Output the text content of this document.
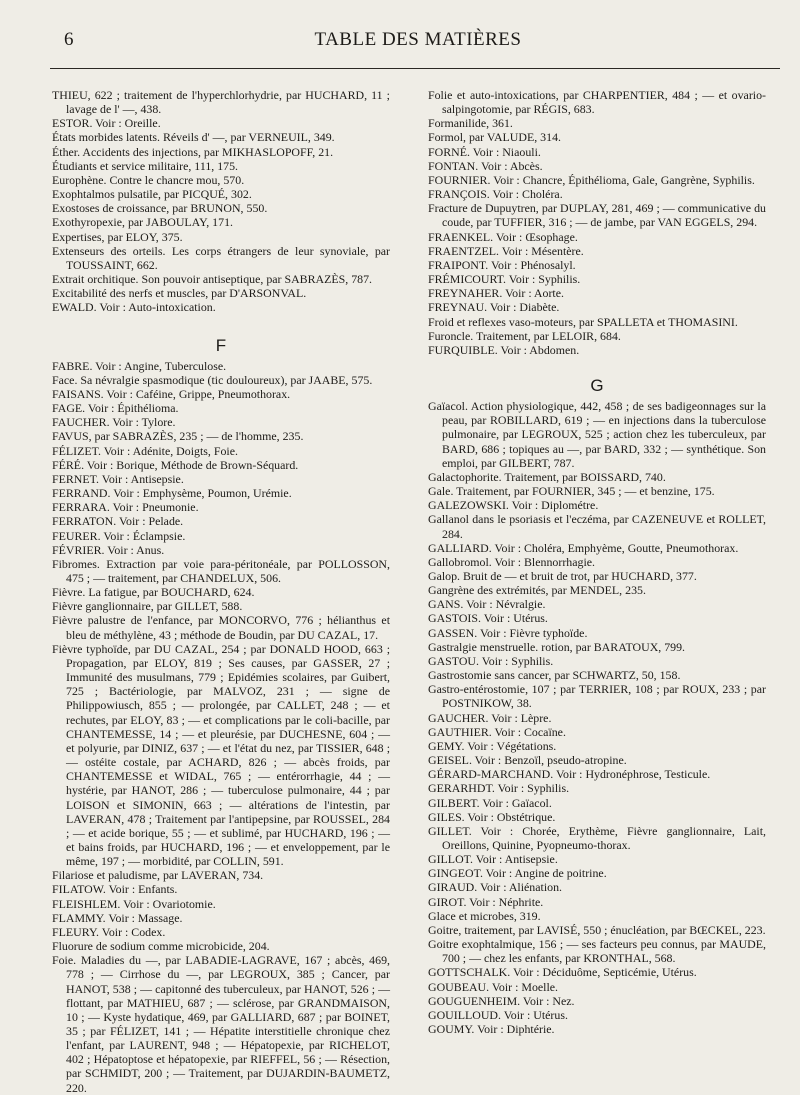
6	TABLE DES MATIÈRES
THIEU, 622 ; traitement de l'hyperchlorhydrie, par HUCHARD, 11 ; lavage de l' —, 438.
ESTOR. Voir : Oreille.
États morbides latents. Réveils d' —, par VERNEUIL, 349.
Éther. Accidents des injections, par MIKHASLOPOFF, 21.
Étudiants et service militaire, 111, 175.
Europhène. Contre le chancre mou, 570.
Exophtalmos pulsatile, par PICQUÉ, 302.
Exostoses de croissance, par BRUNON, 550.
Exothyropexie, par JABOULAY, 171.
Expertises, par ELOY, 375.
Extenseurs des orteils. Les corps étrangers de leur synoviale, par TOUSSAINT, 662.
Extrait orchitique. Son pouvoir antiseptique, par SABRAZÈS, 787.
Excitabilité des nerfs et muscles, par D'ARSONVAL.
EWALD. Voir : Auto-intoxication.
F
FABRE. Voir : Angine, Tuberculose.
Face. Sa névralgie spasmodique (tic douloureux), par JAABE, 575.
FAISANS. Voir : Caféine, Grippe, Pneumothorax.
FAGE. Voir : Épithélioma.
FAUCHER. Voir : Tylore.
FAVUS, par SABRAZÈS, 235 ; — de l'homme, 235.
FÉLIZET. Voir : Adénite, Doigts, Foie.
FÉRÉ. Voir : Borique, Méthode de Brown-Séquard.
FERNET. Voir : Antisepsie.
FERRAND. Voir : Emphysème, Poumon, Urémie.
FERRARA. Voir : Pneumonie.
FERRATON. Voir : Pelade.
FEURER. Voir : Éclampsie.
FÉVRIER. Voir : Anus.
Fibromes. Extraction par voie para-péritonéale, par POLLOSSON, 475 ; — traitement, par CHANDELUX, 506.
Fièvre. La fatigue, par BOUCHARD, 624.
Fièvre ganglionnaire, par GILLET, 588.
Fièvre palustre de l'enfance, par MONCORVO, 776 ; hélianthus et bleu de méthylène, 43 ; méthode de Boudin, par DU CAZAL, 17.
Fièvre typhoïde, par DU CAZAL, 254 ; par DONALD HOOD, 663 ; Propagation, par ELOY, 819 ; Ses causes, par GASSER, 27 ; Immunité des musulmans, 779 ; Epidémies scolaires, par Guibert, 725 ; Bactériologie, par MALVOZ, 231 ; — signe de Philippowiusch, 855 ; — prolongée, par CALLET, 248 ; — et rechutes, par ELOY, 83 ; — et complications par le coli-bacille, par CHANTEMESSE, 14 ; — et pleurésie, par DUCHESNE, 604 ; — et polyurie, par DINIZ, 637 ; — et l'état du nez, par TISSIER, 648 ; — ostéite costale, par ACHARD, 826 ; — abcès froids, par CHANTEMESSE et WIDAL, 765 ; — entérorrhagie, 44 ; — hystérie, par HANOT, 286 ; — tuberculose pulmonaire, 44 ; par LOISON et SIMONIN, 663 ; — altérations de l'intestin, par LAVERAN, 478 ; Traitement par l'antipepsine, par ROUSSEL, 284 ; — et acide borique, 55 ; — et sublimé, par HUCHARD, 196 ; — et bains froids, par HUCHARD, 196 ; — et enveloppement, par le même, 197 ; — morbidité, par COLLIN, 591.
Filariose et paludisme, par LAVERAN, 734.
FILATOW. Voir : Enfants.
FLEISHLEM. Voir : Ovariotomie.
FLAMMY. Voir : Massage.
FLEURY. Voir : Codex.
Fluorure de sodium comme microbicide, 204.
Foie. Maladies du —, par LABADIE-LAGRAVE, 167 ; abcès, 469, 778 ; — Cirrhose du —, par LEGROUX, 385 ; Cancer, par HANOT, 538 ; — capitonné des tuberculeux, par HANOT, 526 ; — flottant, par MATHIEU, 687 ; — sclérose, par GRANDMAISON, 10 ; — Kyste hydatique, 469, par GALLIARD, 687 ; par BOINET, 35 ; par FÉLIZET, 141 ; — Hépatite interstitielle chronique chez l'enfant, par LAURENT, 948 ; — Hépatopexie, par RICHELOT, 402 ; Hépatoptose et hépatopexie, par RIEFFEL, 56 ; — Résection, par SCHMIDT, 200 ; — Traitement, par DUJARDIN-BAUMETZ, 220.
Folie et auto-intoxications, par CHARPENTIER, 484 ; — et ovario-salpingotomie, par RÉGIS, 683.
Formanilide, 361.
Formol, par VALUDE, 314.
FORNÉ. Voir : Niaouli.
FONTAN. Voir : Abcès.
FOURNIER. Voir : Chancre, Épithélioma, Gale, Gangrène, Syphilis.
FRANÇOIS. Voir : Choléra.
Fracture de Dupuytren, par DUPLAY, 281, 469 ; — communicative du coude, par TUFFIER, 316 ; — de jambe, par VAN EGGELS, 294.
FRAENKEL. Voir : Œsophage.
FRAENTZEL. Voir : Mésentère.
FRAIPONT. Voir : Phénosalyl.
FRÉMICOURT. Voir : Syphilis.
FREYNAHER. Voir : Aorte.
FREYNAU. Voir : Diabète.
Froid et reflexes vaso-moteurs, par SPALLETA et THOMASINI.
Furoncle. Traitement, par LELOIR, 684.
FURQUIBLE. Voir : Abdomen.
G
Gaïacol. Action physiologique, 442, 458 ; de ses badigeonnages sur la peau, par ROBILLARD, 619 ; — en injections dans la tuberculose pulmonaire, par LEGROUX, 525 ; action chez les tuberculeux, par BARD, 686 ; topiques au —, par BARD, 332 ; — synthétique. Son emploi, par GILBERT, 787.
Galactophorite. Traitement, par BOISSARD, 740.
Gale. Traitement, par FOURNIER, 345 ; — et benzine, 175.
GALEZOWSKI. Voir : Diplométre.
Gallanol dans le psoriasis et l'eczéma, par CAZENEUVE et ROLLET, 284.
GALLIARD. Voir : Choléra, Emphyème, Goutte, Pneumothorax.
Gallobromol. Voir : Blennorrhagie.
Galop. Bruit de — et bruit de trot, par HUCHARD, 377.
Gangrène des extrémités, par MENDEL, 235.
GANS. Voir : Névralgie.
GASTOIS. Voir : Utérus.
GASSEN. Voir : Fièvre typhoïde.
Gastralgie menstruelle. rotion, par BARATOUX, 799.
GASTOU. Voir : Syphilis.
Gastrostomie sans cancer, par SCHWARTZ, 50, 158.
Gastro-entérostomie, 107 ; par TERRIER, 108 ; par ROUX, 233 ; par POSTNIKOW, 38.
GAUCHER. Voir : Lèpre.
GAUTHIER. Voir : Cocaïne.
GEMY. Voir : Végétations.
GEISEL. Voir : Benzoïl, pseudo-atropine.
GÉRARD-MARCHAND. Voir : Hydronéphrose, Testicule.
GERARHDT. Voir : Syphilis.
GILBERT. Voir : Gaïacol.
GILES. Voir : Obstétrique.
GILLET. Voir : Chorée, Erythème, Fièvre ganglionnaire, Lait, Oreillons, Quinine, Pyopneumo-thorax.
GILLOT. Voir : Antisepsie.
GINGEOT. Voir : Angine de poitrine.
GIRAUD. Voir : Aliénation.
GIROT. Voir : Néphrite.
Glace et microbes, 319.
Goitre, traitement, par LAVISÉ, 550 ; énucléation, par BŒCKEL, 223.
Goitre exophtalmique, 156 ; — ses facteurs peu connus, par MAUDE, 700 ; — chez les enfants, par KRONTHAL, 568.
GOTTSCHALK. Voir : Déciduôme, Septicémie, Utérus.
GOUBEAU. Voir : Moelle.
GOUGUENHEIM. Voir : Nez.
GOUILLOUD. Voir : Utérus.
GOUMY. Voir : Diphtérie.
